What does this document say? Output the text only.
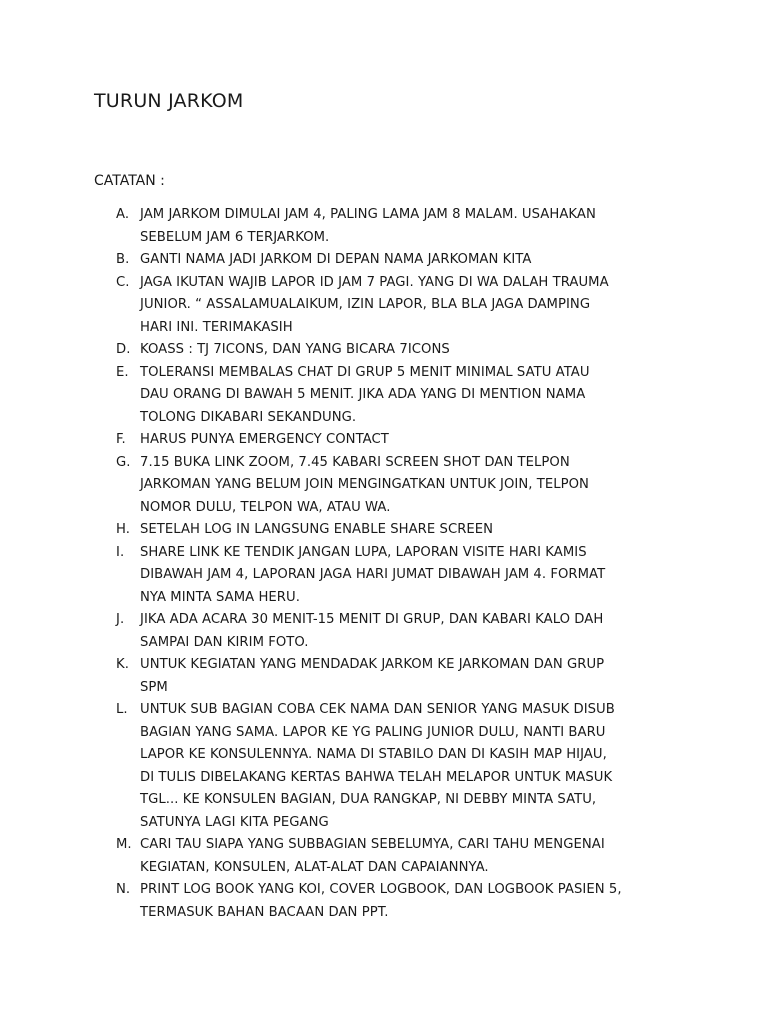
TURUN JARKOM
CATATAN :
A. JAM JARKOM DIMULAI JAM 4, PALING LAMA JAM 8 MALAM. USAHAKAN
SEBELUM JAM 6 TERJARKOM.
B. GANTI NAMA JADI JARKOM DI DEPAN NAMA JARKOMAN KITA
C. JAGA IKUTAN WAJIB LAPOR ID JAM 7 PAGI. YANG DI WA DALAH TRAUMA
JUNIOR. “ ASSALAMUALAIKUM, IZIN LAPOR, BLA BLA JAGA DAMPING
HARI INI. TERIMAKASIH
D. KOASS : TJ 7ICONS, DAN YANG BICARA 7ICONS
E. TOLERANSI MEMBALAS CHAT DI GRUP 5 MENIT MINIMAL SATU ATAU
DAU ORANG DI BAWAH 5 MENIT. JIKA ADA YANG DI MENTION NAMA
TOLONG DIKABARI SEKANDUNG.
F. HARUS PUNYA EMERGENCY CONTACT
G. 7.15 BUKA LINK ZOOM, 7.45 KABARI SCREEN SHOT DAN TELPON
JARKOMAN YANG BELUM JOIN MENGINGATKAN UNTUK JOIN, TELPON
NOMOR DULU, TELPON WA, ATAU WA.
H. SETELAH LOG IN LANGSUNG ENABLE SHARE SCREEN
I. SHARE LINK KE TENDIK JANGAN LUPA, LAPORAN VISITE HARI KAMIS
DIBAWAH JAM 4, LAPORAN JAGA HARI JUMAT DIBAWAH JAM 4. FORMAT
NYA MINTA SAMA HERU.
J. JIKA ADA ACARA 30 MENIT-15 MENIT DI GRUP, DAN KABARI KALO DAH
SAMPAI DAN KIRIM FOTO.
K. UNTUK KEGIATAN YANG MENDADAK JARKOM KE JARKOMAN DAN GRUP
SPM
L. UNTUK SUB BAGIAN COBA CEK NAMA DAN SENIOR YANG MASUK DISUB
BAGIAN YANG SAMA. LAPOR KE YG PALING JUNIOR DULU, NANTI BARU
LAPOR KE KONSULENNYA. NAMA DI STABILO DAN DI KASIH MAP HIJAU,
DI TULIS DIBELAKANG KERTAS BAHWA TELAH MELAPOR UNTUK MASUK
TGL... KE KONSULEN BAGIAN, DUA RANGKAP, NI DEBBY MINTA SATU,
SATUNYA LAGI KITA PEGANG
M. CARI TAU SIAPA YANG SUBBAGIAN SEBELUMYA, CARI TAHU MENGENAI
KEGIATAN, KONSULEN, ALAT-ALAT DAN CAPAIANNYA.
N. PRINT LOG BOOK YANG KOI, COVER LOGBOOK, DAN LOGBOOK PASIEN 5,
TERMASUK BAHAN BACAAN DAN PPT.
